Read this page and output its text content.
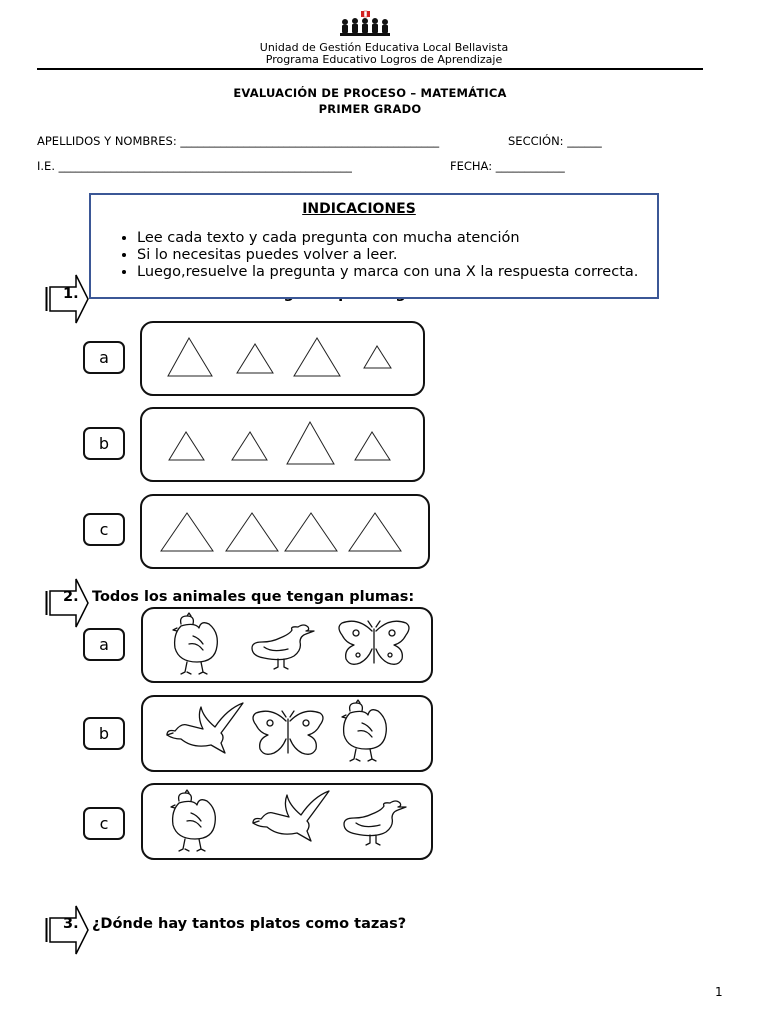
Unidad de Gestión Educativa Local Bellavista
Programa Educativo Logros de Aprendizaje
EVALUACIÓN DE PROCESO – MATEMÁTICA
PRIMER GRADO
APELLIDOS Y NOMBRES: _____________________________________________	SECCIÓN: ______
I.E. ___________________________________________________	FECHA: ____________
1.
INDICACIONES
• Lee cada texto y cada pregunta con mucha atención
• Si lo necesitas puedes volver a leer.
• Luego,resuelve la pregunta y marca con una X la respuesta correcta.
a
b
c
2. Todos los animales que tengan plumas:
a
b
c
3. ¿Dónde hay tantos platos como tazas?
1
